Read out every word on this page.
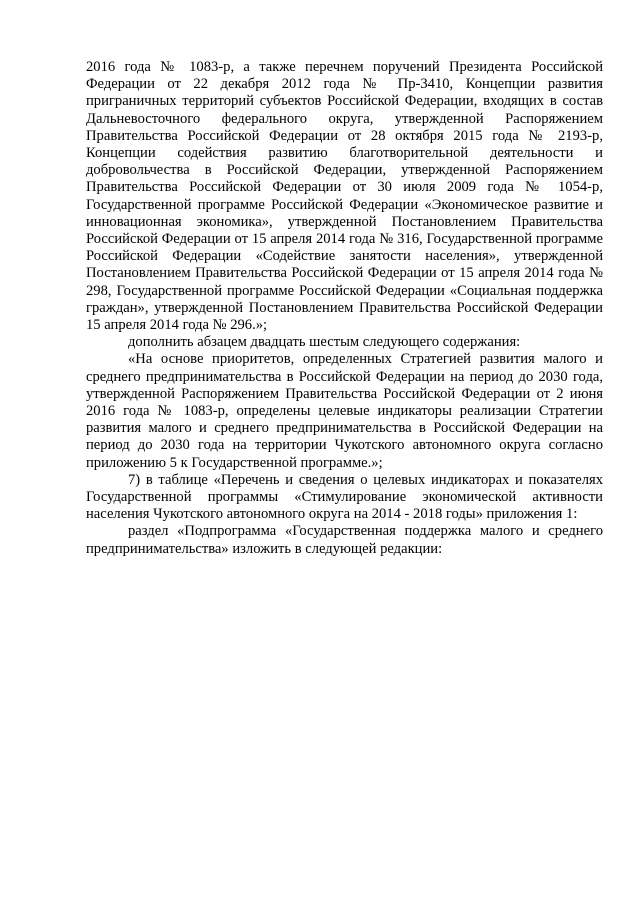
2016 года № 1083-р, а также перечнем поручений Президента Российской Федерации от 22 декабря 2012 года № Пр-3410, Концепции развития приграничных территорий субъектов Российской Федерации, входящих в состав Дальневосточного федерального округа, утвержденной Распоряжением Правительства Российской Федерации от 28 октября 2015 года № 2193-р, Концепции содействия развитию благотворительной деятельности и добровольчества в Российской Федерации, утвержденной Распоряжением Правительства Российской Федерации от 30 июля 2009 года № 1054-р, Государственной программе Российской Федерации «Экономическое развитие и инновационная экономика», утвержденной Постановлением Правительства Российской Федерации от 15 апреля 2014 года № 316, Государственной программе Российской Федерации «Содействие занятости населения», утвержденной Постановлением Правительства Российской Федерации от 15 апреля 2014 года № 298, Государственной программе Российской Федерации «Социальная поддержка граждан», утвержденной Постановлением Правительства Российской Федерации 15 апреля 2014 года № 296.»;

дополнить абзацем двадцать шестым следующего содержания:

«На основе приоритетов, определенных Стратегией развития малого и среднего предпринимательства в Российской Федерации на период до 2030 года, утвержденной Распоряжением Правительства Российской Федерации от 2 июня 2016 года № 1083-р, определены целевые индикаторы реализации Стратегии развития малого и среднего предпринимательства в Российской Федерации на период до 2030 года на территории Чукотского автономного округа согласно приложению 5 к Государственной программе.»;

7) в таблице «Перечень и сведения о целевых индикаторах и показателях Государственной программы «Стимулирование экономической активности населения Чукотского автономного округа на 2014 - 2018 годы» приложения 1:

раздел «Подпрограмма «Государственная поддержка малого и среднего предпринимательства» изложить в следующей редакции:
